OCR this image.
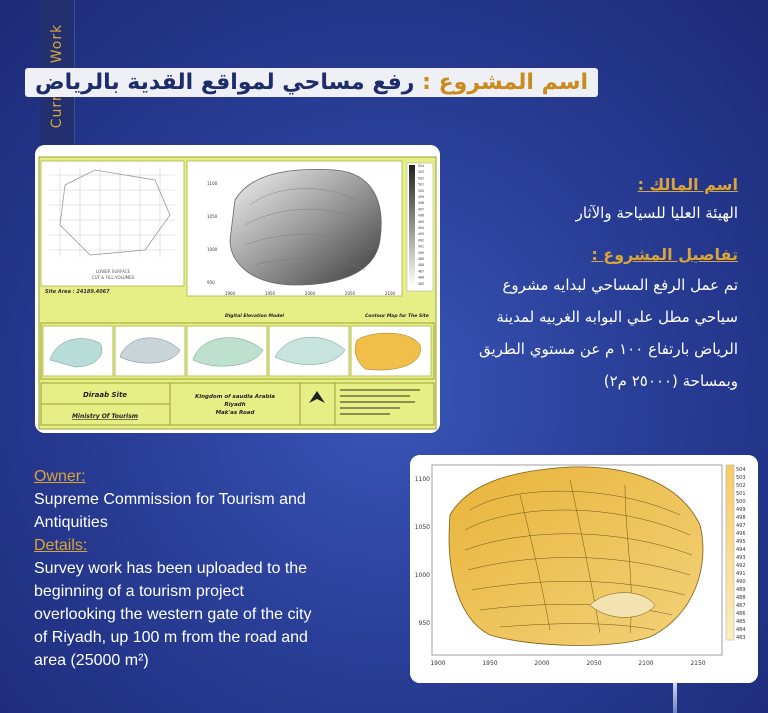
اسم المشروع : رفع مساحي لمواقع القدية بالرياض
LOWER SURFACE
CUT & FILL VOLUMES
Site Area : 24189.4067
504
503
502
501
500
499
498
497
496
495
494
493
492
491
490
489
488
487
486
485
1100
1050
1000
950
1900	1950	2000	2050	2100
Digital Elevation Model	Contour Map for The Site
Diraab Site
Ministry Of Tourism
Kingdom of saudia Arabia
Riyadh
Mak'as Road
اسم المالك :
الهيئة العليا للسياحة والآثار
تفاصيل المشروع :
تم عمل الرفع المساحي لبدايه مشروع
سياحي مطل علي البوابه الغربيه لمدينة
الرياض بارتفاع ١٠٠ م عن مستوي الطريق
وبمساحة (٢٥٠٠٠ م٢)
Owner:
Supreme Commission for Tourism and
Antiquities
Details:
Survey work has been uploaded to the
beginning of a tourism project
overlooking the western gate of the city
of Riyadh, up 100 m from the road and
area (25000 m²)
504
503
502
501
500
499
498
497
496
495
494
493
492
491
490
489
488
487
486
485
484
483
1100
1050
1000
950
1900	1950	2000	2050	2100	2150
